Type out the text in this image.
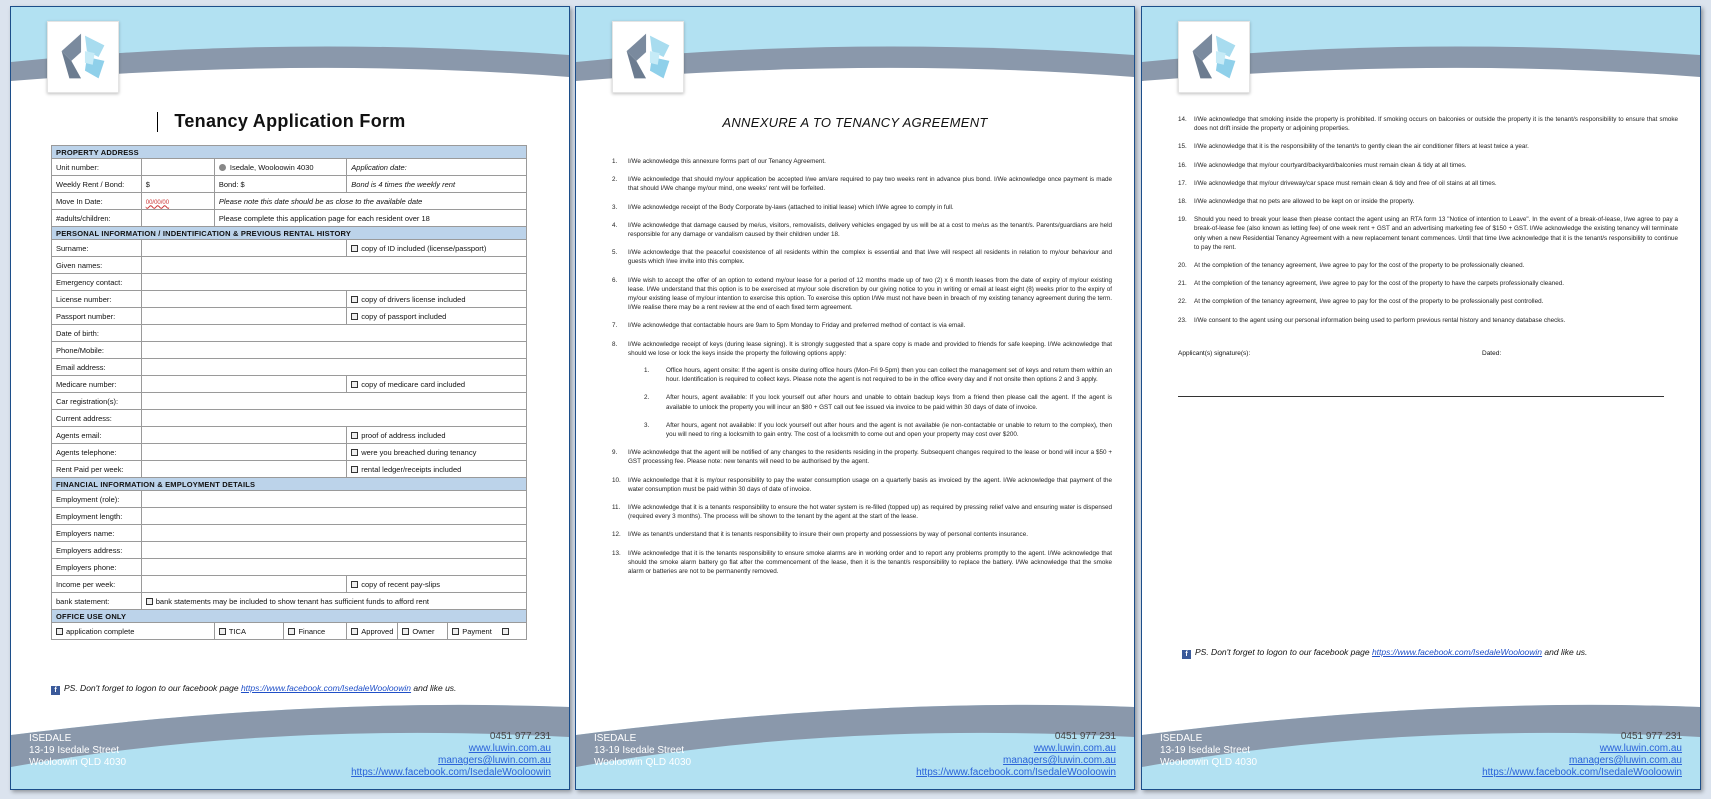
Tenancy Application Form
PROPERTY ADDRESS						
Unit number:		Isedale, Wooloowin 4030		Application date:		
Weekly Rent / Bond:	$	Bond: $		Bond is 4 times the weekly rent		
Move In Date:	00/00/00	Please note this date should be as close to the available date				
#adults/children:		Please complete this application page for each resident over 18				
PERSONAL INFORMATION / INDENTIFICATION & PREVIOUS RENTAL HISTORY						
Surname:				copy of ID included (license/passport)		
Given names:						
Emergency contact:						
License number:				copy of drivers license included		
Passport number:				copy of passport included		
Date of birth:						
Phone/Mobile:						
Email address:						
Medicare number:				copy of medicare card included		
Car registration(s):						
Current address:						
Agents email:				proof of address included		
Agents telephone:				were you breached during tenancy		
Rent Paid per week:				rental ledger/receipts included		
FINANCIAL INFORMATION & EMPLOYMENT DETAILS						
Employment (role):						
Employment length:						
Employers name:						
Employers address:						
Employers phone:						
Income per week:				copy of recent pay-slips		
bank statement:	bank statements may be included to show tenant has sufficient funds to afford rent					
OFFICE USE ONLY						
application complete		TICA	Finance	Approved	Owner	Payment
f PS. Don't forget to logon to our facebook page https://www.facebook.com/IsedaleWooloowin and like us.
ISEDALE
13-19 Isedale Street
Wooloowin QLD 4030
0451 977 231
www.luwin.com.au
managers@luwin.com.au
https://www.facebook.com/IsedaleWooloowin
ANNEXURE A TO TENANCY AGREEMENT
1. I/We acknowledge this annexure forms part of our Tenancy Agreement.
2. I/We acknowledge that should my/our application be accepted I/we am/are required to pay two weeks rent in advance plus bond. I/We acknowledge once payment is made that should I/We change my/our mind, one weeks' rent will be forfeited.
3. I/We acknowledge receipt of the Body Corporate by-laws (attached to initial lease) which I/We agree to comply in full.
4. I/We acknowledge that damage caused by me/us, visitors, removalists, delivery vehicles engaged by us will be at a cost to me/us as the tenant/s. Parents/guardians are held responsible for any damage or vandalism caused by their children under 18.
5. I/We acknowledge that the peaceful coexistence of all residents within the complex is essential and that I/we will respect all residents in relation to my/our behaviour and guests which I/we invite into this complex.
6. I/We wish to accept the offer of an option to extend my/our lease for a period of 12 months made up of two (2) x 6 month leases from the date of expiry of my/our existing lease. I/We understand that this option is to be exercised at my/our sole discretion by our giving notice to you in writing or email at least eight (8) weeks prior to the expiry of my/our existing lease of my/our intention to exercise this option. To exercise this option I/We must not have been in breach of my existing tenancy agreement during the term. I/We realise there may be a rent review at the end of each fixed term agreement.
7. I/We acknowledge that contactable hours are 9am to 5pm Monday to Friday and preferred method of contact is via email.
8. I/We acknowledge receipt of keys (during lease signing). It is strongly suggested that a spare copy is made and provided to friends for safe keeping. I/We acknowledge that should we lose or lock the keys inside the property the following options apply:
1.	Office hours, agent onsite: If the agent is onsite during office hours (Mon-Fri 9-5pm) then you can collect the management set of keys and return them within an hour. Identification is required to collect keys. Please note the agent is not required to be in the office every day and if not onsite then options 2 and 3 apply.
2.	After hours, agent available: If you lock yourself out after hours and unable to obtain backup keys from a friend then please call the agent. If the agent is available to unlock the property you will incur an $80 + GST call out fee issued via invoice to be paid within 30 days of date of invoice.
3.	After hours, agent not available: If you lock yourself out after hours and the agent is not available (ie non-contactable or unable to return to the complex), then you will need to ring a locksmith to gain entry. The cost of a locksmith to come out and open your property may cost over $200.
9. I/We acknowledge that the agent will be notified of any changes to the residents residing in the property. Subsequent changes required to the lease or bond will incur a $50 + GST processing fee. Please note: new tenants will need to be authorised by the agent.
10. I/We acknowledge that it is my/our responsibility to pay the water consumption usage on a quarterly basis as invoiced by the agent. I/We acknowledge that payment of the water consumption must be paid within 30 days of date of invoice.
11. I/We acknowledge that it is a tenants responsibility to ensure the hot water system is re-filled (topped up) as required by pressing relief valve and ensuring water is dispensed (required every 3 months). The process will be shown to the tenant by the agent at the start of the lease.
12. I/We as tenant/s understand that it is tenants responsibility to insure their own property and possessions by way of personal contents insurance.
13. I/We acknowledge that it is the tenants responsibility to ensure smoke alarms are in working order and to report any problems promptly to the agent. I/We acknowledge that should the smoke alarm battery go flat after the commencement of the lease, then it is the tenant/s responsibility to replace the battery. I/We acknowledge that the smoke alarm or batteries are not to be permanently removed.
ISEDALE
13-19 Isedale Street
Wooloowin QLD 4030
0451 977 231
www.luwin.com.au
managers@luwin.com.au
https://www.facebook.com/IsedaleWooloowin
14. I/We acknowledge that smoking inside the property is prohibited. If smoking occurs on balconies or outside the property it is the tenant/s responsibility to ensure that smoke does not drift inside the property or adjoining properties.
15. I/We acknowledge that it is the responsibility of the tenant/s to gently clean the air conditioner filters at least twice a year.
16. I/We acknowledge that my/our courtyard/backyard/balconies must remain clean & tidy at all times.
17. I/We acknowledge that my/our driveway/car space must remain clean & tidy and free of oil stains at all times.
18. I/We acknowledge that no pets are allowed to be kept on or inside the property.
19. Should you need to break your lease then please contact the agent using an RTA form 13 "Notice of intention to Leave". In the event of a break-of-lease, I/we agree to pay a break-of-lease fee (also known as letting fee) of one week rent + GST and an advertising marketing fee of $150 + GST. I/We acknowledge the existing tenancy will terminate only when a new Residential Tenancy Agreement with a new replacement tenant commences. Until that time I/we acknowledge that it is the tenant/s responsibility to continue to pay the rent.
20. At the completion of the tenancy agreement, I/we agree to pay for the cost of the property to be professionally cleaned.
21. At the completion of the tenancy agreement, I/we agree to pay for the cost of the property to have the carpets professionally cleaned.
22. At the completion of the tenancy agreement, I/we agree to pay for the cost of the property to be professionally pest controlled.
23. I/We consent to the agent using our personal information being used to perform previous rental history and tenancy database checks.
Applicant(s) signature(s):	Dated:
f PS. Don't forget to logon to our facebook page https://www.facebook.com/IsedaleWooloowin and like us.
ISEDALE
13-19 Isedale Street
Wooloowin QLD 4030
0451 977 231
www.luwin.com.au
managers@luwin.com.au
https://www.facebook.com/IsedaleWooloowin
